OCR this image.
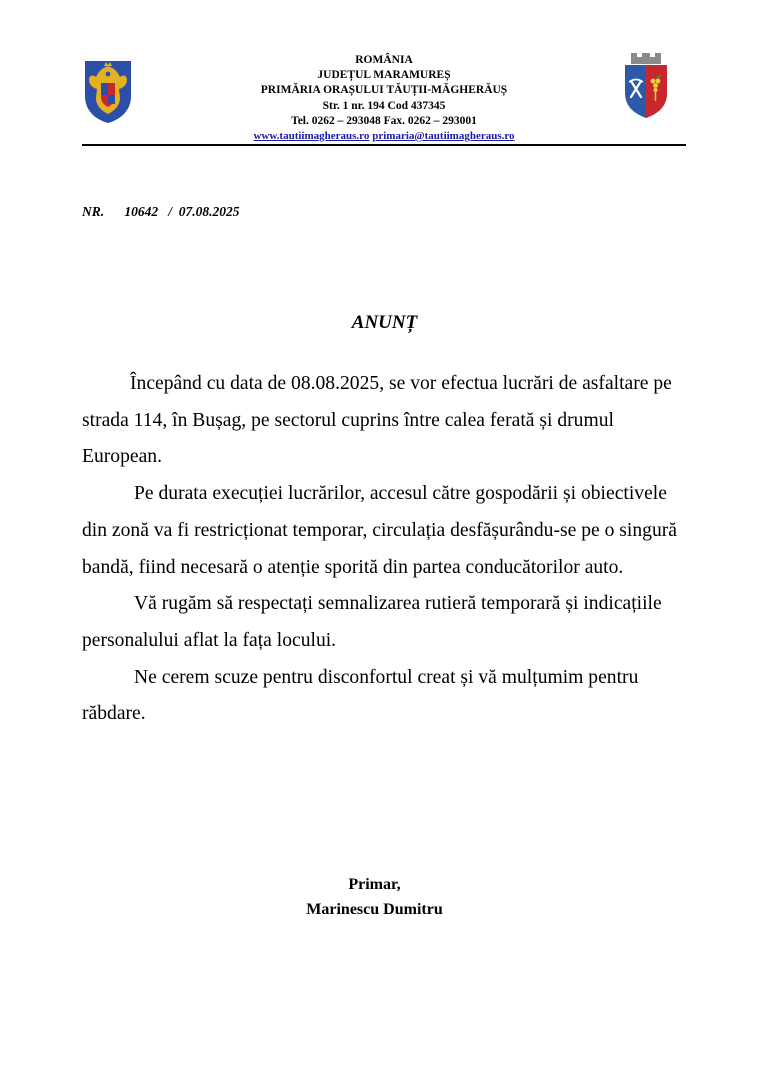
ROMÂNIA
JUDEȚUL MARAMUREȘ
PRIMĂRIA ORAȘULUI TĂUȚII-MĂGHERĂUȘ
Str. 1 nr. 194 Cod 437345
Tel. 0262 – 293048 Fax. 0262 – 293001
www.tautiimagheraus.ro primaria@tautiimagheraus.ro
NR. 10642   /  07.08.2025
ANUNȚ

Începând cu data de 08.08.2025, se vor efectua lucrări de asfaltare pe strada 114, în Bușag, pe sectorul cuprins între calea ferată și drumul European.

Pe durata execuției lucrărilor, accesul către gospodării și obiectivele din zonă va fi restricționat temporar, circulația desfășurându-se pe o singură bandă, fiind necesară o atenție sporită din partea conducătorilor auto.

Vă rugăm să respectați semnalizarea rutieră temporară și indicațiile personalului aflat la fața locului.

Ne cerem scuze pentru disconfortul creat și vă mulțumim pentru răbdare.

Primar,
Marinescu Dumitru
